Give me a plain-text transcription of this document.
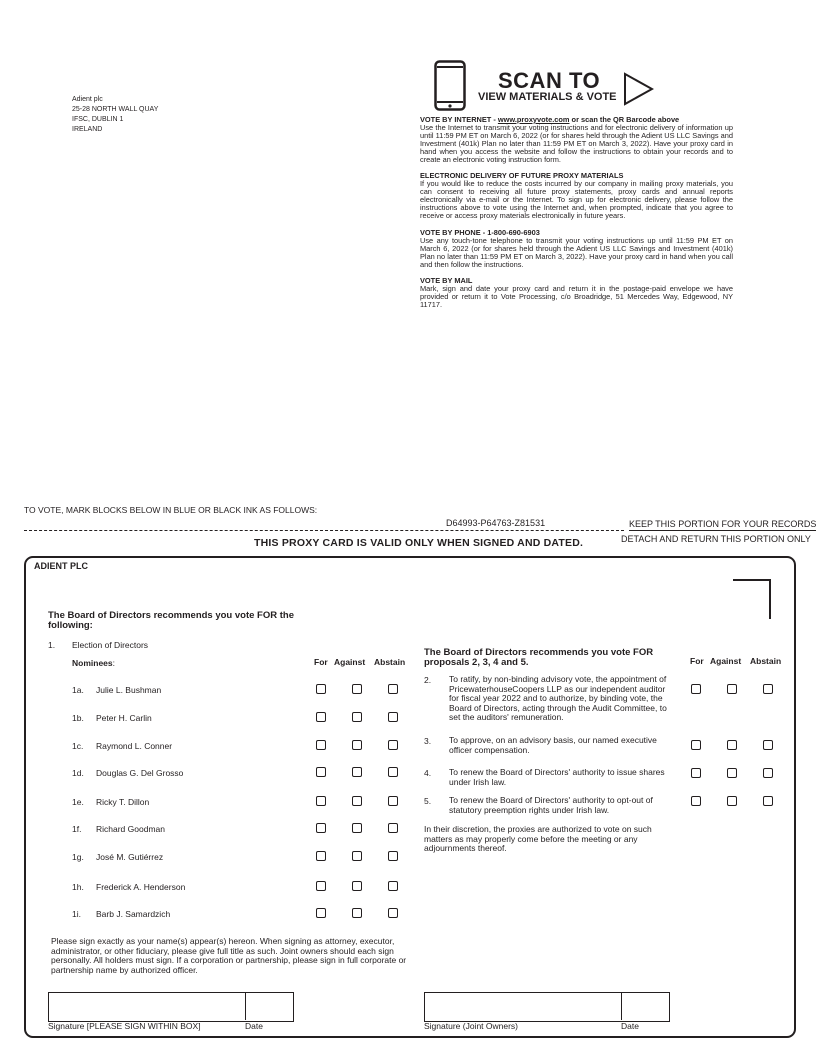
Adient plc
25-28 NORTH WALL QUAY
IFSC, DUBLIN 1
IRELAND
SCAN TO
VIEW MATERIALS & VOTE
VOTE BY INTERNET - www.proxyvote.com or scan the QR Barcode above
Use the Internet to transmit your voting instructions and for electronic delivery of information up until 11:59 PM ET on March 6, 2022 (or for shares held through the Adient US LLC Savings and Investment (401k) Plan no later than 11:59 PM ET on March 3, 2022). Have your proxy card in hand when you access the website and follow the instructions to obtain your records and to create an electronic voting instruction form.
ELECTRONIC DELIVERY OF FUTURE PROXY MATERIALS
If you would like to reduce the costs incurred by our company in mailing proxy materials, you can consent to receiving all future proxy statements, proxy cards and annual reports electronically via e-mail or the Internet. To sign up for electronic delivery, please follow the instructions above to vote using the Internet and, when prompted, indicate that you agree to receive or access proxy materials electronically in future years.
VOTE BY PHONE - 1-800-690-6903
Use any touch-tone telephone to transmit your voting instructions up until 11:59 PM ET on March 6, 2022 (or for shares held through the Adient US LLC Savings and Investment (401k) Plan no later than 11:59 PM ET on March 3, 2022). Have your proxy card in hand when you call and then follow the instructions.
VOTE BY MAIL
Mark, sign and date your proxy card and return it in the postage-paid envelope we have provided or return it to Vote Processing, c/o Broadridge, 51 Mercedes Way, Edgewood, NY 11717.
TO VOTE, MARK BLOCKS BELOW IN BLUE OR BLACK INK AS FOLLOWS:
D64993-P64763-Z81531	KEEP THIS PORTION FOR YOUR RECORDS
DETACH AND RETURN THIS PORTION ONLY
THIS PROXY CARD IS VALID ONLY WHEN SIGNED AND DATED.
ADIENT PLC
The Board of Directors recommends you vote FOR the following:
1. Election of Directors
Nominees:	For Against Abstain	For Against Abstain
1a. Julie L. Bushman
1b. Peter H. Carlin
1c. Raymond L. Conner
1d. Douglas G. Del Grosso
1e. Ricky T. Dillon
1f. Richard Goodman
1g. José M. Gutiérrez
1h. Frederick A. Henderson
1i. Barb J. Samardzich
The Board of Directors recommends you vote FOR proposals 2, 3, 4 and 5.
2. To ratify, by non-binding advisory vote, the appointment of PricewaterhouseCoopers LLP as our independent auditor for fiscal year 2022 and to authorize, by binding vote, the Board of Directors, acting through the Audit Committee, to set the auditors' remuneration.
3. To approve, on an advisory basis, our named executive officer compensation.
4. To renew the Board of Directors' authority to issue shares under Irish law.
5. To renew the Board of Directors' authority to opt-out of statutory preemption rights under Irish law.
In their discretion, the proxies are authorized to vote on such matters as may properly come before the meeting or any adjournments thereof.
Please sign exactly as your name(s) appear(s) hereon. When signing as attorney, executor, administrator, or other fiduciary, please give full title as such. Joint owners should each sign personally. All holders must sign. If a corporation or partnership, please sign in full corporate or partnership name by authorized officer.
Signature [PLEASE SIGN WITHIN BOX]	Date	Signature (Joint Owners)	Date
